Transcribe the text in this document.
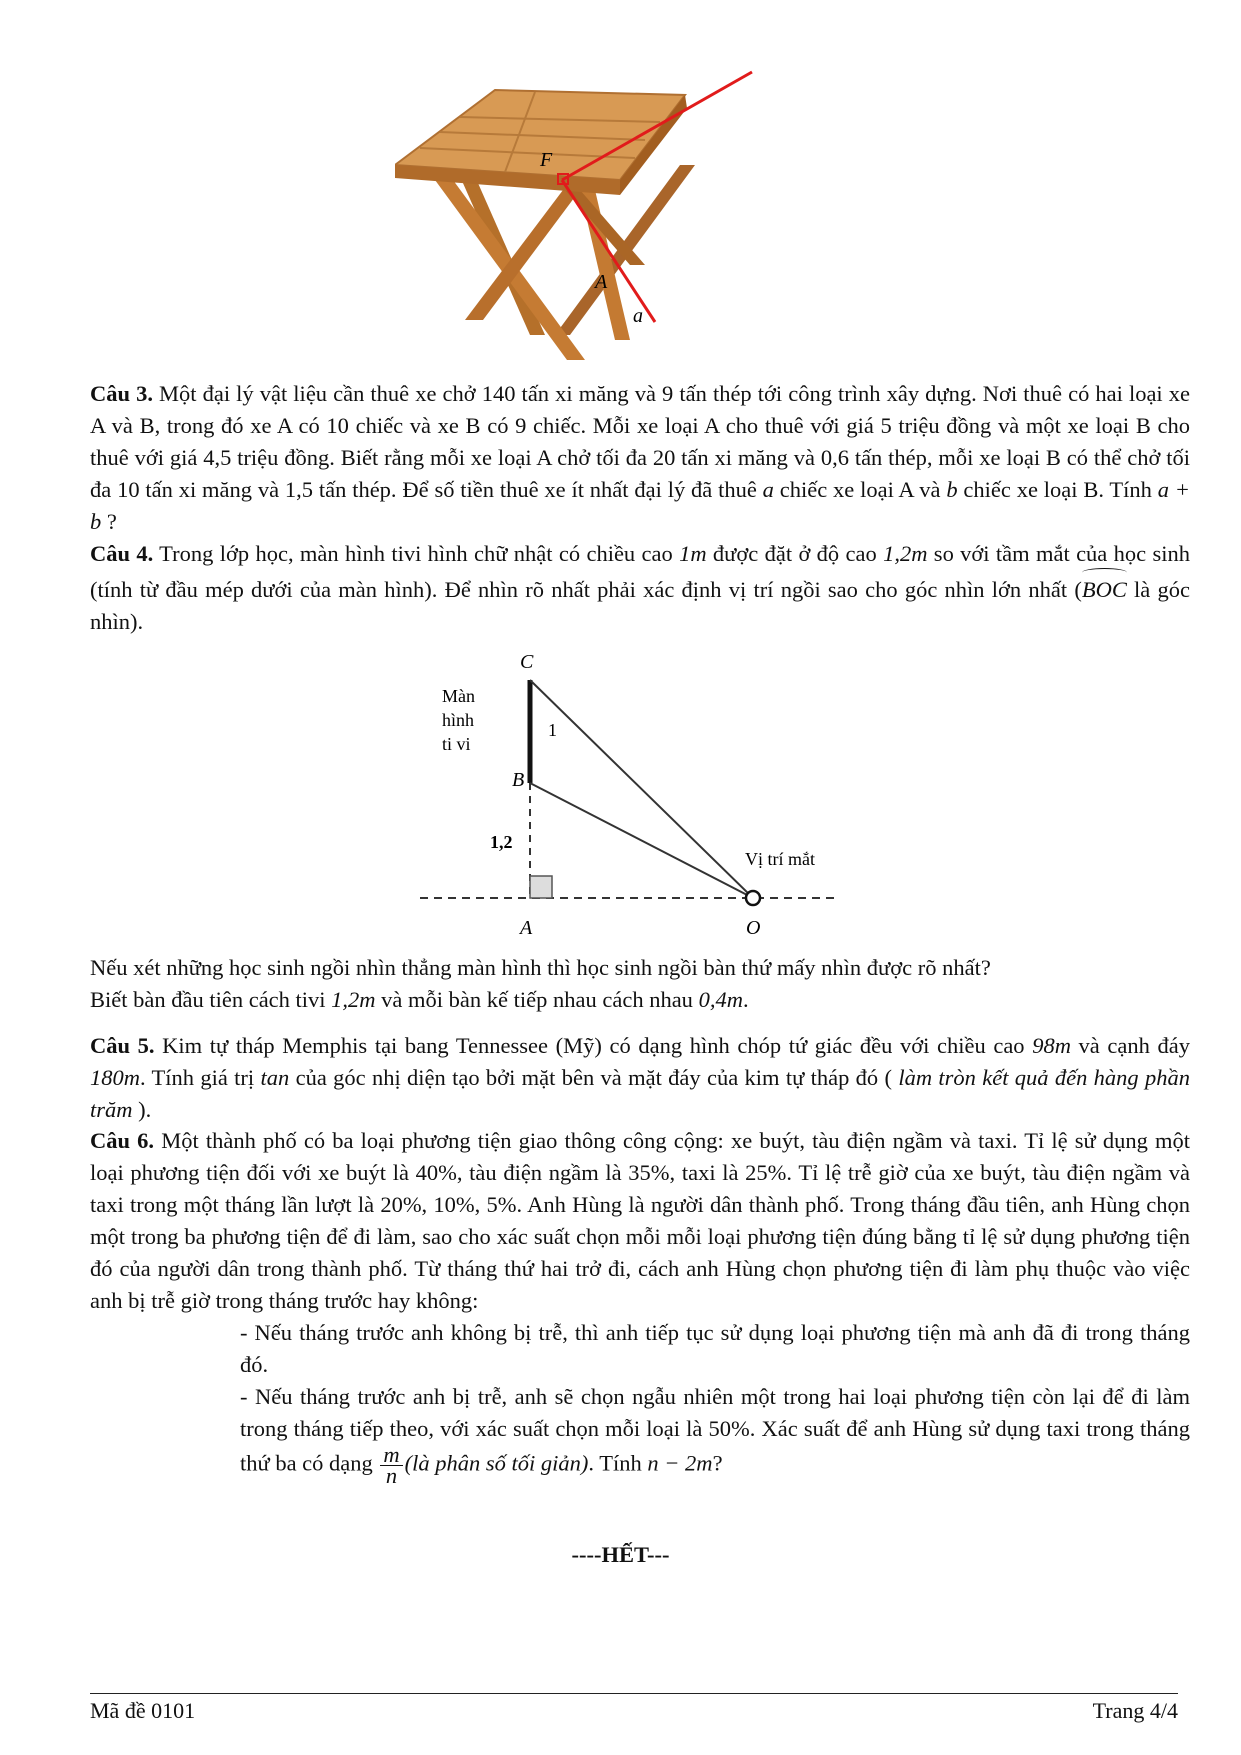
F
A
a

Câu 3. Một đại lý vật liệu cần thuê xe chở 140 tấn xi măng và 9 tấn thép tới công trình xây dựng. Nơi thuê có hai loại xe A và B, trong đó xe A có 10 chiếc và xe B có 9 chiếc. Mỗi xe loại A cho thuê với giá 5 triệu đồng và một xe loại B cho thuê với giá 4,5 triệu đồng. Biết rằng mỗi xe loại A chở tối đa 20 tấn xi măng và 0,6 tấn thép, mỗi xe loại B có thể chở tối đa 10 tấn xi măng và 1,5 tấn thép. Để số tiền thuê xe ít nhất đại lý đã thuê a chiếc xe loại A và b chiếc xe loại B. Tính a + b ?

Câu 4. Trong lớp học, màn hình tivi hình chữ nhật có chiều cao 1m được đặt ở độ cao 1,2m so với tầm mắt của học sinh (tính từ đầu mép dưới của màn hình). Để nhìn rõ nhất phải xác định vị trí ngồi sao cho góc nhìn lớn nhất (BOC là góc nhìn).

C
B
A	O
Màn
hình
ti vi
1
1,2
Vị trí mắt

Nếu xét những học sinh ngồi nhìn thẳng màn hình thì học sinh ngồi bàn thứ mấy nhìn được rõ nhất?

Biết bàn đầu tiên cách tivi 1,2m và mỗi bàn kế tiếp nhau cách nhau 0,4m.

Câu 5. Kim tự tháp Memphis tại bang Tennessee (Mỹ) có dạng hình chóp tứ giác đều với chiều cao 98m và cạnh đáy 180m. Tính giá trị tan của góc nhị diện tạo bởi mặt bên và mặt đáy của kim tự tháp đó ( làm tròn kết quả đến hàng phần trăm ).

Câu 6. Một thành phố có ba loại phương tiện giao thông công cộng: xe buýt, tàu điện ngầm và taxi. Tỉ lệ sử dụng một loại phương tiện đối với xe buýt là 40%, tàu điện ngầm là 35%, taxi là 25%. Tỉ lệ trễ giờ của xe buýt, tàu điện ngầm và taxi trong một tháng lần lượt là 20%, 10%, 5%. Anh Hùng là người dân thành phố. Trong tháng đầu tiên, anh Hùng chọn một trong ba phương tiện để đi làm, sao cho xác suất chọn mỗi mỗi loại phương tiện đúng bằng tỉ lệ sử dụng phương tiện đó của người dân trong thành phố. Từ tháng thứ hai trở đi, cách anh Hùng chọn phương tiện đi làm phụ thuộc vào việc anh bị trễ giờ trong tháng trước hay không:

- Nếu tháng trước anh không bị trễ, thì anh tiếp tục sử dụng loại phương tiện mà anh đã đi trong tháng đó.

- Nếu tháng trước anh bị trễ, anh sẽ chọn ngẫu nhiên một trong hai loại phương tiện còn lại để đi làm trong tháng tiếp theo, với xác suất chọn mỗi loại là 50%. Xác suất để anh Hùng sử dụng taxi trong tháng thứ ba có dạng $\frac{m}{n}$ (là phân số tối giản). Tính n − 2m?

----HẾT---
Mã đề 0101	Trang 4/4
